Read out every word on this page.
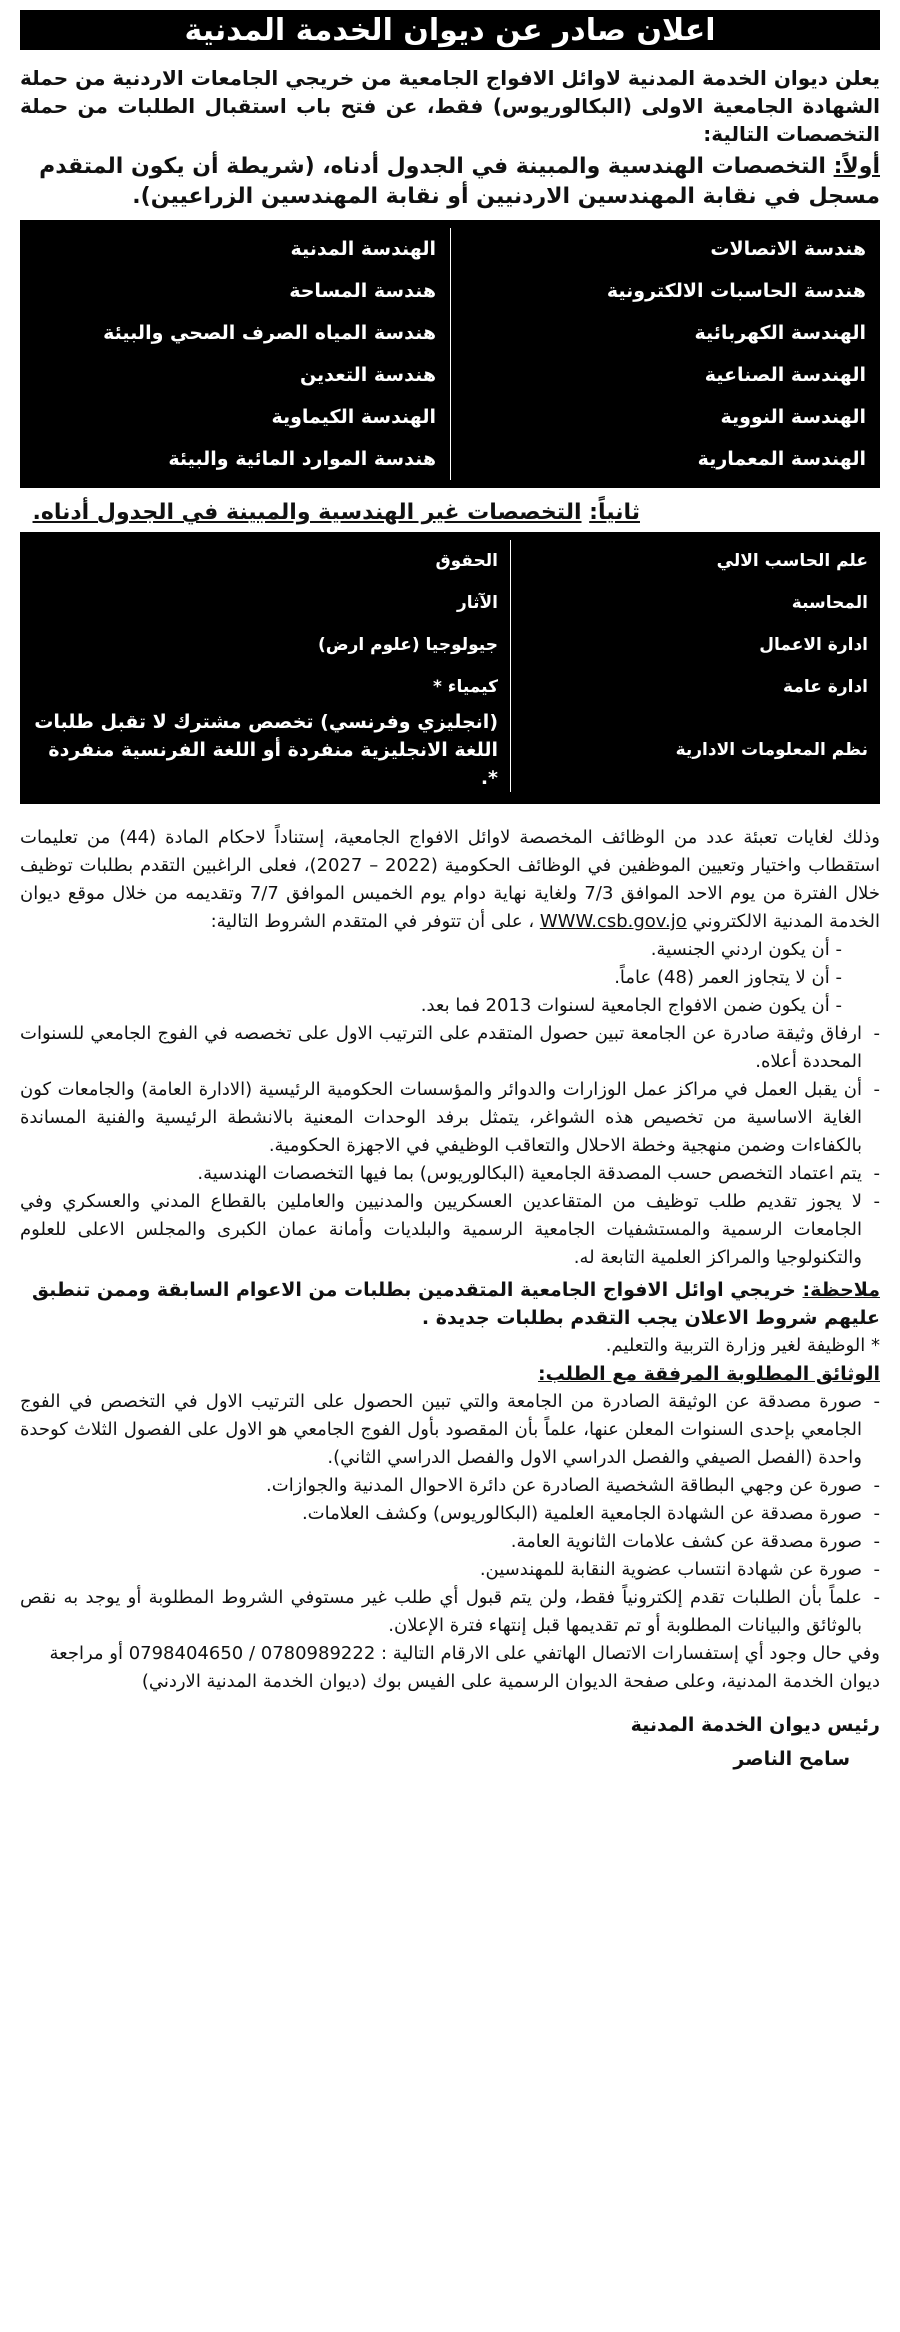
اعلان صادر عن ديوان الخدمة المدنية

يعلن ديوان الخدمة المدنية لاوائل الافواج الجامعية من خريجي الجامعات الاردنية من حملة الشهادة الجامعية الاولى (البكالوريوس) فقط، عن فتح باب استقبال الطلبات من حملة التخصصات التالية:

أولاً: التخصصات الهندسية والمبينة في الجدول أدناه، (شريطة أن يكون المتقدم مسجل في نقابة المهندسين الاردنيين أو نقابة المهندسين الزراعيين).

هندسة الاتصالات
الهندسة المدنية
هندسة الحاسبات الالكترونية
هندسة المساحة
الهندسة الكهربائية
هندسة المياه الصرف الصحي والبيئة
الهندسة الصناعية
هندسة التعدين
الهندسة النووية
الهندسة الكيماوية
الهندسة المعمارية
هندسة الموارد المائية والبيئة

ثانياً: التخصصات غير الهندسية والمبينة في الجدول أدناه.

علم الحاسب الالي
الحقوق
المحاسبة
الآثار
ادارة الاعمال
جيولوجيا (علوم ارض)
ادارة عامة
كيمياء *
نظم المعلومات الادارية
(انجليزي وفرنسي) تخصص مشترك لا تقبل طلبات اللغة الانجليزية منفردة أو اللغة الفرنسية منفردة *.
وذلك لغايات تعبئة عدد من الوظائف المخصصة لاوائل الافواج الجامعية، إستناداً لاحكام المادة (44) من تعليمات استقطاب واختيار وتعيين الموظفين في الوظائف الحكومية (2022 – 2027)، فعلى الراغبين التقدم بطلبات توظيف خلال الفترة من يوم الاحد الموافق 7/3 ولغاية نهاية دوام يوم الخميس الموافق 7/7 وتقديمه من خلال موقع ديوان الخدمة المدنية الالكتروني WWW.csb.gov.jo ، على أن تتوفر في المتقدم الشروط التالية:
- أن يكون اردني الجنسية.
- أن لا يتجاوز العمر (48) عاماً.
- أن يكون ضمن الافواج الجامعية لسنوات 2013 فما بعد.
- ارفاق وثيقة صادرة عن الجامعة تبين حصول المتقدم على الترتيب الاول على تخصصه في الفوج الجامعي للسنوات المحددة أعلاه.
- أن يقبل العمل في مراكز عمل الوزارات والدوائر والمؤسسات الحكومية الرئيسية (الادارة العامة) والجامعات كون الغاية الاساسية من تخصيص هذه الشواغر، يتمثل برفد الوحدات المعنية بالانشطة الرئيسية والفنية المساندة بالكفاءات وضمن منهجية وخطة الاحلال والتعاقب الوظيفي في الاجهزة الحكومية.
- يتم اعتماد التخصص حسب المصدقة الجامعية (البكالوريوس) بما فيها التخصصات الهندسية.
- لا يجوز تقديم طلب توظيف من المتقاعدين العسكريين والمدنيين والعاملين بالقطاع المدني والعسكري وفي الجامعات الرسمية والمستشفيات الجامعية الرسمية والبلديات وأمانة عمان الكبرى والمجلس الاعلى للعلوم والتكنولوجيا والمراكز العلمية التابعة له.
ملاحظة: خريجي اوائل الافواج الجامعية المتقدمين بطلبات من الاعوام السابقة وممن تنطبق عليهم شروط الاعلان يجب التقدم بطلبات جديدة .
* الوظيفة لغير وزارة التربية والتعليم.
الوثائق المطلوبة المرفقة مع الطلب:
- صورة مصدقة عن الوثيقة الصادرة من الجامعة والتي تبين الحصول على الترتيب الاول في التخصص في الفوج الجامعي بإحدى السنوات المعلن عنها، علماً بأن المقصود بأول الفوج الجامعي هو الاول على الفصول الثلاث كوحدة واحدة (الفصل الصيفي والفصل الدراسي الاول والفصل الدراسي الثاني).
- صورة عن وجهي البطاقة الشخصية الصادرة عن دائرة الاحوال المدنية والجوازات.
- صورة مصدقة عن الشهادة الجامعية العلمية (البكالوريوس) وكشف العلامات.
- صورة مصدقة عن كشف علامات الثانوية العامة.
- صورة عن شهادة انتساب عضوية النقابة للمهندسين.
- علماً بأن الطلبات تقدم إلكترونياً فقط، ولن يتم قبول أي طلب غير مستوفي الشروط المطلوبة أو يوجد به نقص بالوثائق والبيانات المطلوبة أو تم تقديمها قبل إنتهاء فترة الإعلان.
وفي حال وجود أي إستفسارات الاتصال الهاتفي على الارقام التالية : 0780989222 / 0798404650 أو مراجعة ديوان الخدمة المدنية، وعلى صفحة الديوان الرسمية على الفيس بوك (ديوان الخدمة المدنية الاردني)
رئيس ديوان الخدمة المدنية
سامح الناصر
